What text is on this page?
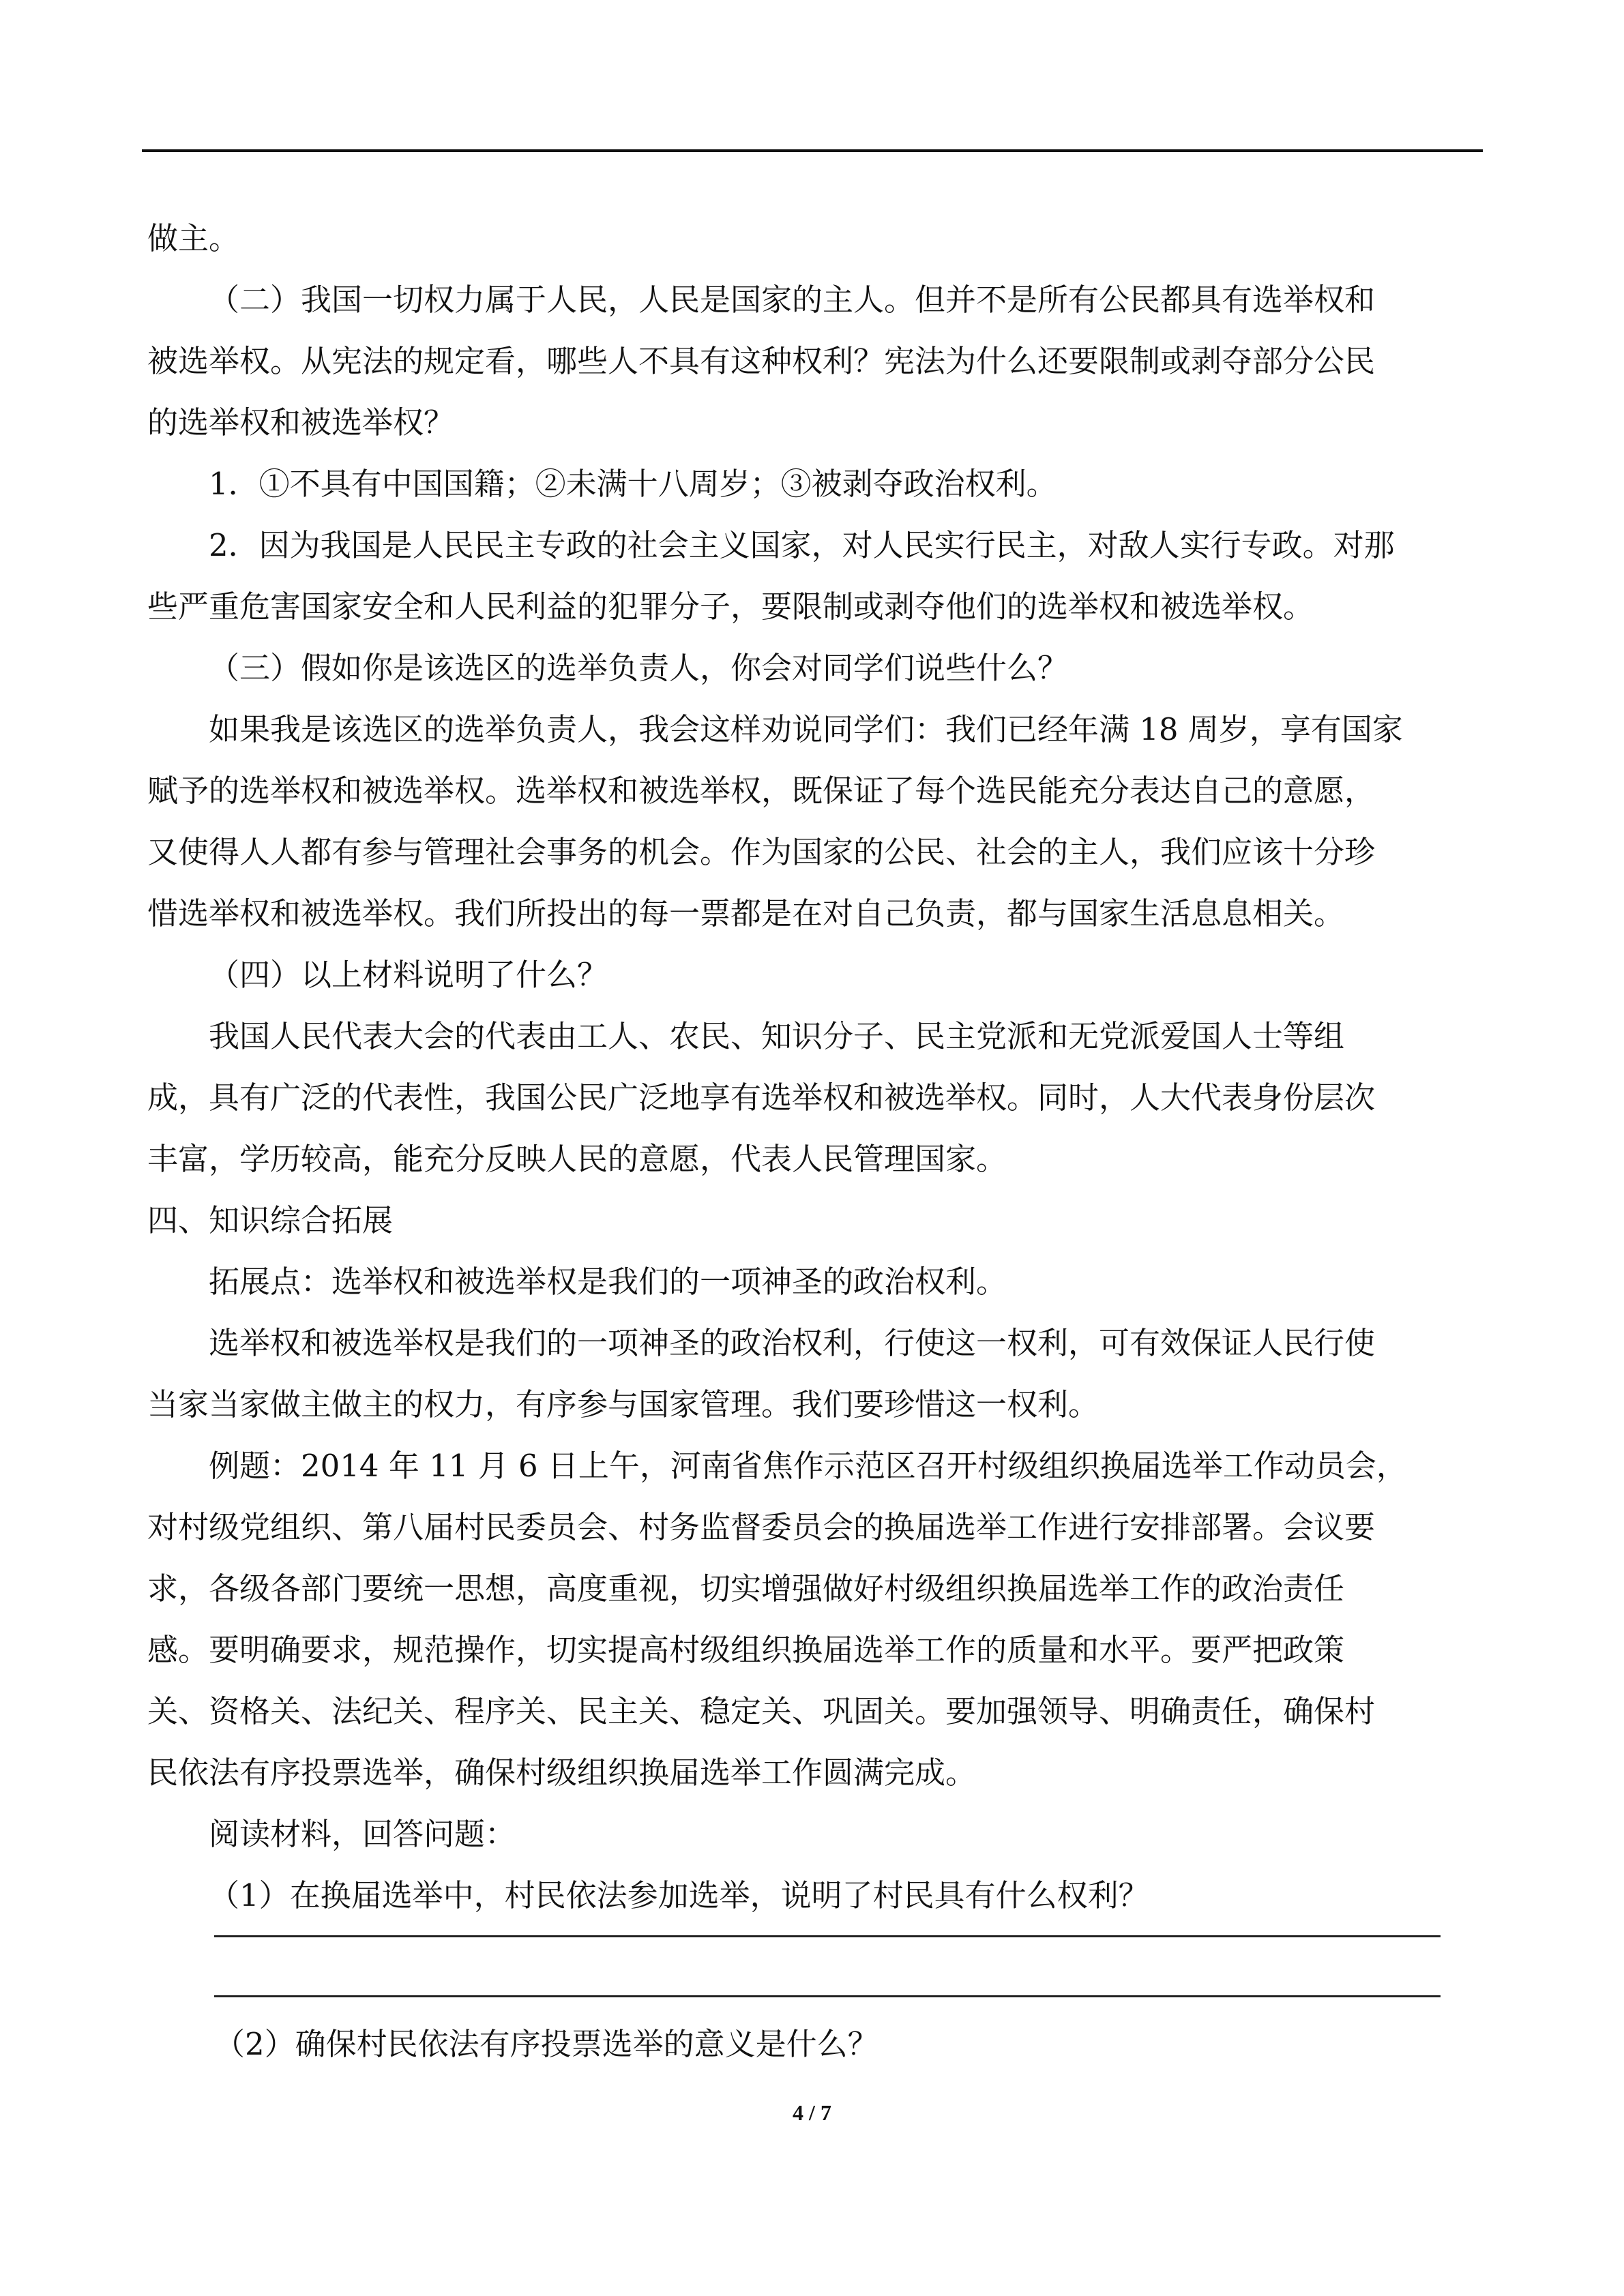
做主。
（二）我国一切权力属于人民，人民是国家的主人。但并不是所有公民都具有选举权和
被选举权。从宪法的规定看，哪些人不具有这种权利？宪法为什么还要限制或剥夺部分公民
的选举权和被选举权？
1．①不具有中国国籍；②未满十八周岁；③被剥夺政治权利。
2．因为我国是人民民主专政的社会主义国家，对人民实行民主，对敌人实行专政。对那
些严重危害国家安全和人民利益的犯罪分子，要限制或剥夺他们的选举权和被选举权。
（三）假如你是该选区的选举负责人，你会对同学们说些什么？
如果我是该选区的选举负责人，我会这样劝说同学们：我们已经年满 18 周岁，享有国家
赋予的选举权和被选举权。选举权和被选举权，既保证了每个选民能充分表达自己的意愿，
又使得人人都有参与管理社会事务的机会。作为国家的公民、社会的主人，我们应该十分珍
惜选举权和被选举权。我们所投出的每一票都是在对自己负责，都与国家生活息息相关。
（四）以上材料说明了什么？
我国人民代表大会的代表由工人、农民、知识分子、民主党派和无党派爱国人士等组
成，具有广泛的代表性，我国公民广泛地享有选举权和被选举权。同时，人大代表身份层次
丰富，学历较高，能充分反映人民的意愿，代表人民管理国家。
四、知识综合拓展
拓展点：选举权和被选举权是我们的一项神圣的政治权利。
选举权和被选举权是我们的一项神圣的政治权利，行使这一权利，可有效保证人民行使
当家当家做主做主的权力，有序参与国家管理。我们要珍惜这一权利。
例题：2014 年 11 月 6 日上午，河南省焦作示范区召开村级组织换届选举工作动员会，
对村级党组织、第八届村民委员会、村务监督委员会的换届选举工作进行安排部署。会议要
求，各级各部门要统一思想，高度重视，切实增强做好村级组织换届选举工作的政治责任
感。要明确要求，规范操作，切实提高村级组织换届选举工作的质量和水平。要严把政策
关、资格关、法纪关、程序关、民主关、稳定关、巩固关。要加强领导、明确责任，确保村
民依法有序投票选举，确保村级组织换届选举工作圆满完成。
阅读材料，回答问题：
（1）在换届选举中，村民依法参加选举，说明了村民具有什么权利？
（2）确保村民依法有序投票选举的意义是什么？
4 / 7
